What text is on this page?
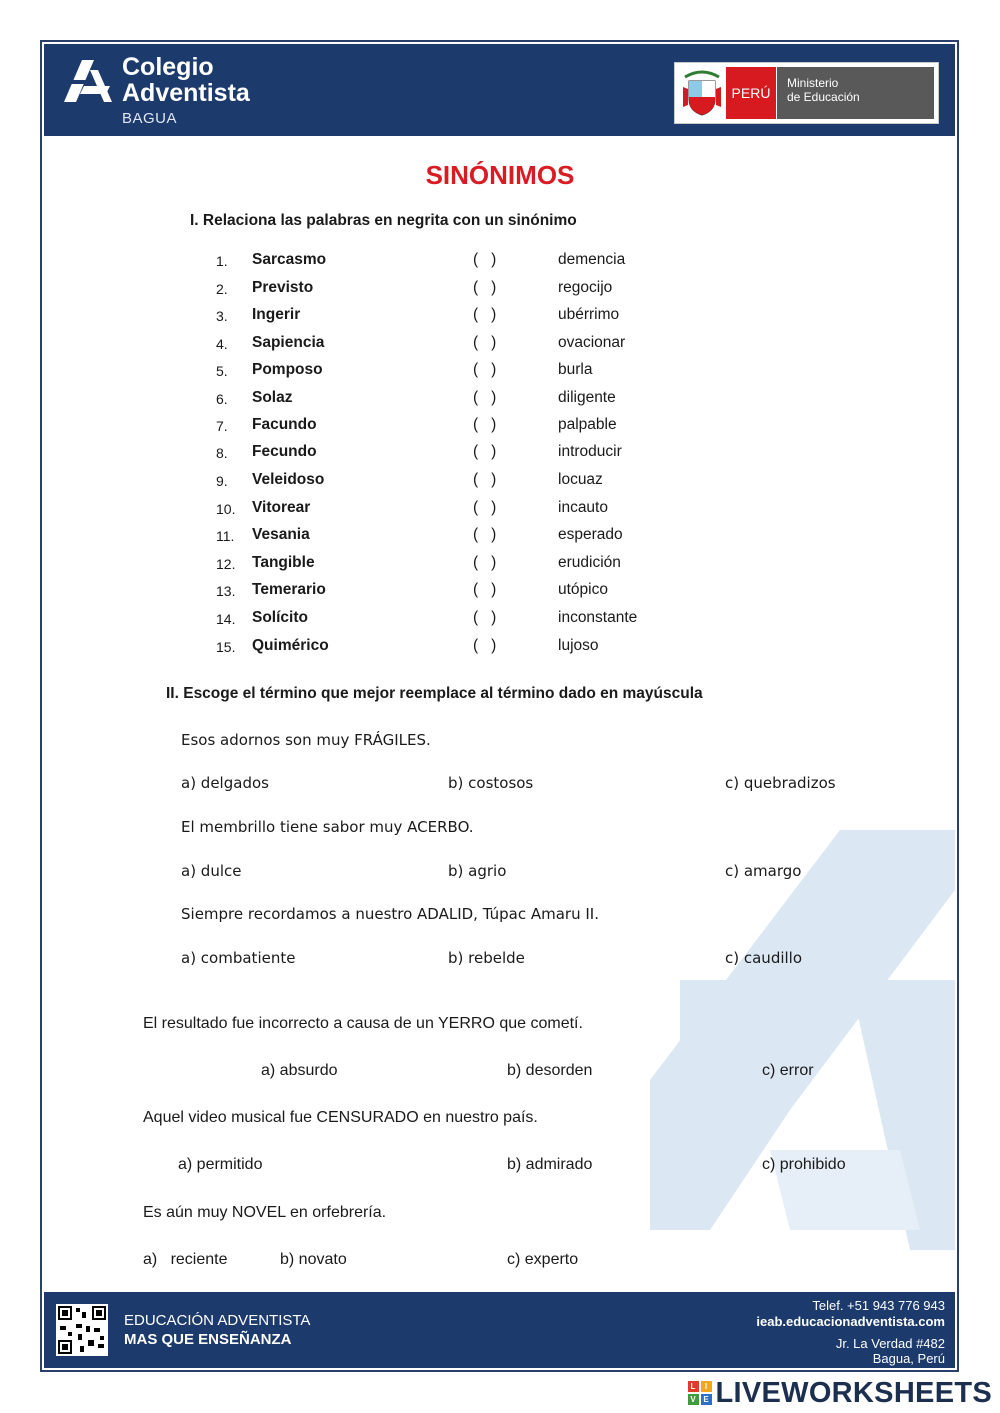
Colegio
Adventista
BAGUA
PERÚ
Ministerio
de Educación
SINÓNIMOS
I. Relaciona las palabras en negrita con un sinónimo
1.	Sarcasmo	(   )	demencia
2.	Previsto	(   )	regocijo
3.	Ingerir	(   )	ubérrimo
4.	Sapiencia	(   )	ovacionar
5.	Pomposo	(   )	burla
6.	Solaz	(   )	diligente
7.	Facundo	(   )	palpable
8.	Fecundo	(   )	introducir
9.	Veleidoso	(   )	locuaz
10.	Vitorear	(   )	incauto
11.	Vesania	(   )	esperado
12.	Tangible	(   )	erudición
13.	Temerario	(   )	utópico
14.	Solícito	(   )	inconstante
15.	Quimérico	(   )	lujoso
II. Escoge el término que mejor reemplace al término dado en mayúscula
Esos adornos son muy FRÁGILES.
a) delgados	b) costosos	c) quebradizos
El membrillo tiene sabor muy ACERBO.
a) dulce	b) agrio	c) amargo
Siempre recordamos a nuestro ADALID, Túpac Amaru II.
a) combatiente	b) rebelde	c) caudillo
El resultado fue incorrecto a causa de un YERRO que cometí.
a) absurdo	b) desorden	c) error
Aquel video musical fue CENSURADO en nuestro país.
a) permitido	b) admirado	c) prohibido
Es aún muy NOVEL en orfebrería.
a)   reciente	b) novato	c) experto
EDUCACIÓN ADVENTISTA
MAS QUE ENSEÑANZA
Telef. +51 943 776 943
ieab.educacionadventista.com
Jr. La Verdad #482
Bagua, Perú
L	I
V E LIVEWORKSHEETS
